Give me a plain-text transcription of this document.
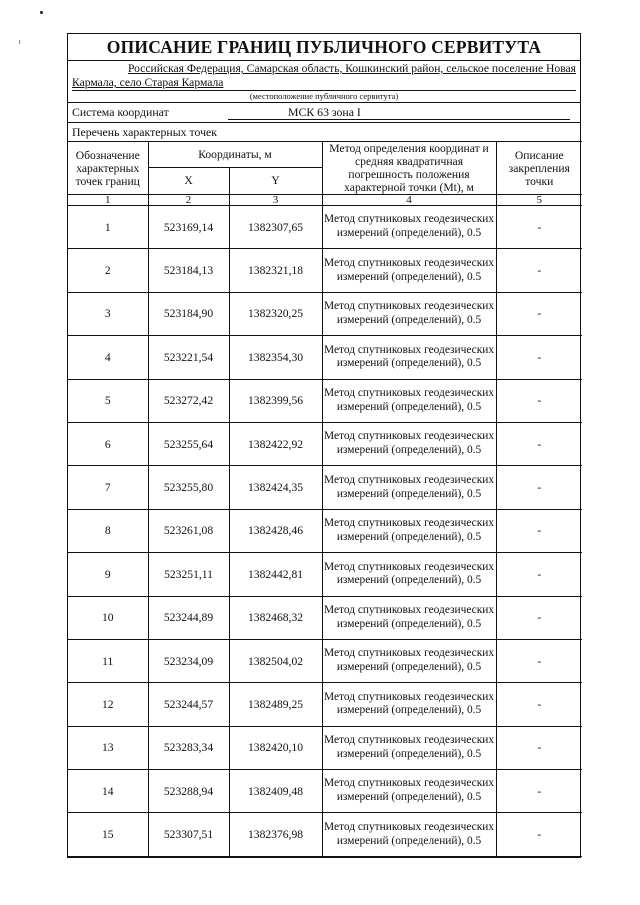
ОПИСАНИЕ ГРАНИЦ ПУБЛИЧНОГО СЕРВИТУТА
Российская Федерация, Самарская область, Кошкинский район, сельское поселение Новая
Кармала, село Старая Кармала
(местоположение публичного сервитута)
Система координат	МСК 63 зона I
Перечень характерных точек
Обозначение характерных точек границ	Координаты, м		Метод определения координат и средняя квадратичная погрешность положения характерной точки (Мt), м	Описание закрепления точки
	X	Y		
1	2	3	4	5
1	523169,14	1382307,65	Метод спутниковых геодезических измерений (определений), 0.5	-
2	523184,13	1382321,18	Метод спутниковых геодезических измерений (определений), 0.5	-
3	523184,90	1382320,25	Метод спутниковых геодезических измерений (определений), 0.5	-
4	523221,54	1382354,30	Метод спутниковых геодезических измерений (определений), 0.5	-
5	523272,42	1382399,56	Метод спутниковых геодезических измерений (определений), 0.5	-
6	523255,64	1382422,92	Метод спутниковых геодезических измерений (определений), 0.5	-
7	523255,80	1382424,35	Метод спутниковых геодезических измерений (определений), 0.5	-
8	523261,08	1382428,46	Метод спутниковых геодезических измерений (определений), 0.5	-
9	523251,11	1382442,81	Метод спутниковых геодезических измерений (определений), 0.5	-
10	523244,89	1382468,32	Метод спутниковых геодезических измерений (определений), 0.5	-
11	523234,09	1382504,02	Метод спутниковых геодезических измерений (определений), 0.5	-
12	523244,57	1382489,25	Метод спутниковых геодезических измерений (определений), 0.5	-
13	523283,34	1382420,10	Метод спутниковых геодезических измерений (определений), 0.5	-
14	523288,94	1382409,48	Метод спутниковых геодезических измерений (определений), 0.5	-
15	523307,51	1382376,98	Метод спутниковых геодезических измерений (определений), 0.5	-
